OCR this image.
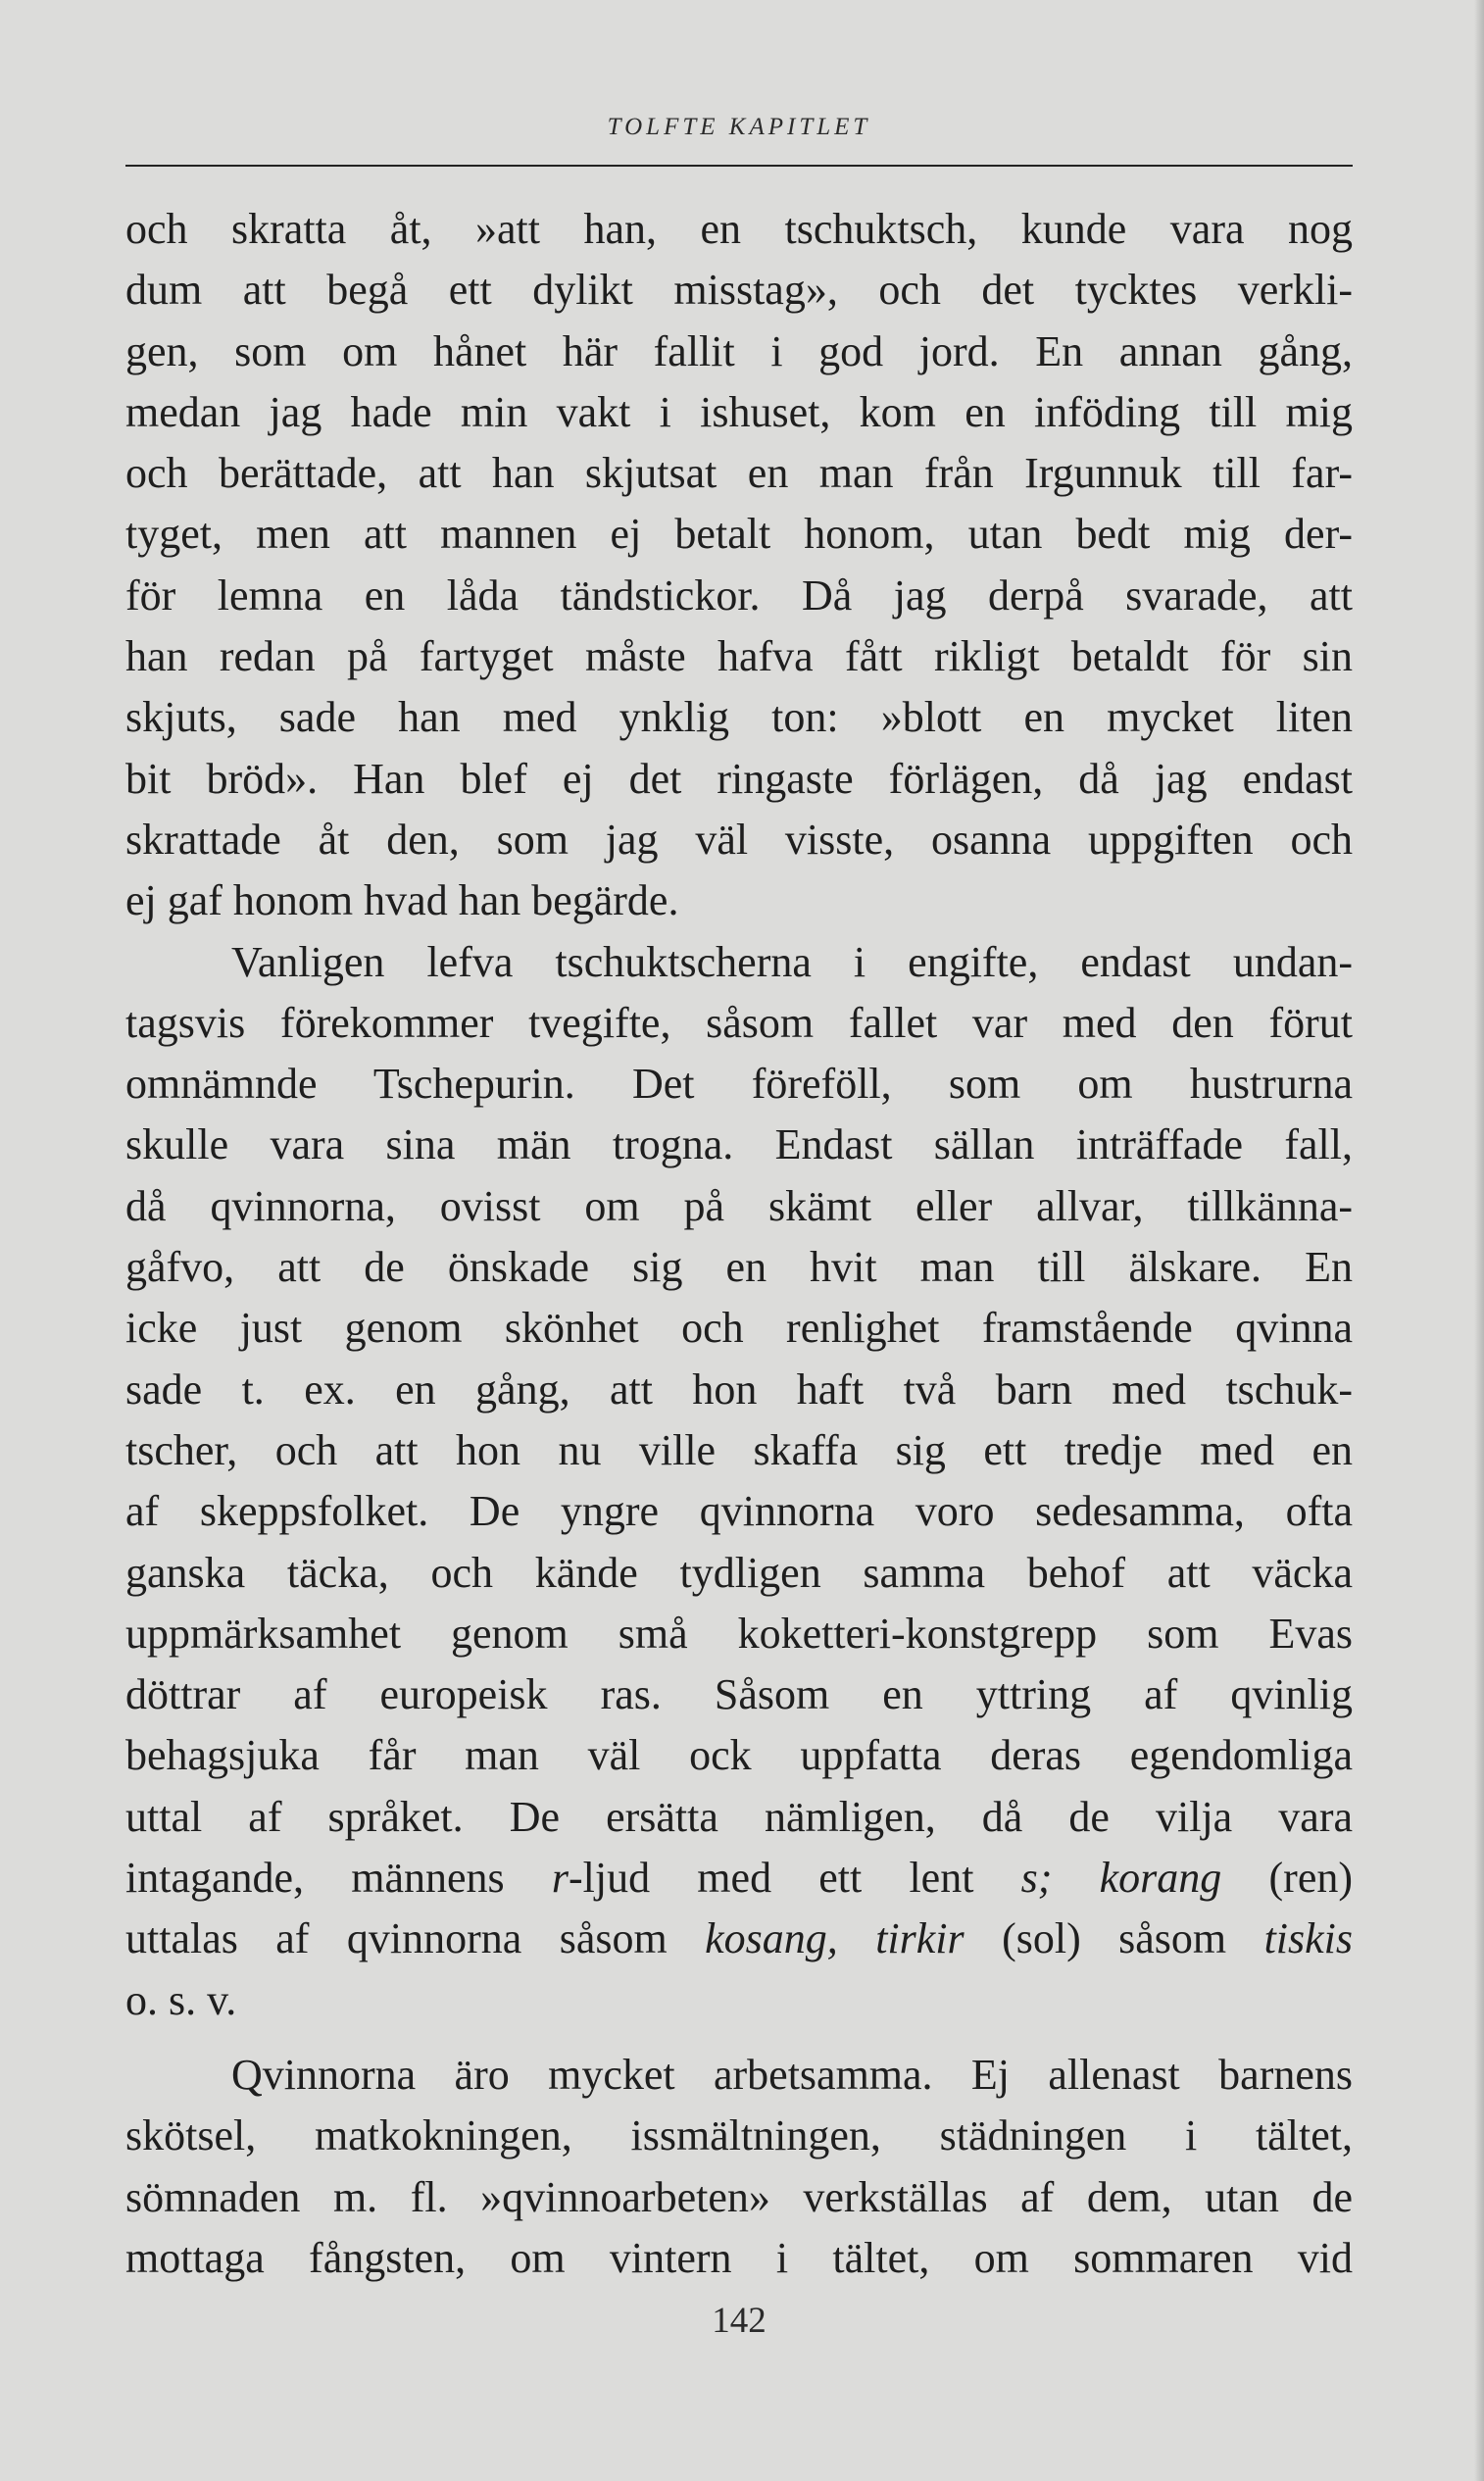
TOLFTE KAPITLET
och skratta åt, »att han, en tschuktsch, kunde vara nog
dum att begå ett dylikt misstag», och det tycktes verkli-
gen, som om hånet här fallit i god jord. En annan gång,
medan jag hade min vakt i ishuset, kom en inföding till mig
och berättade, att han skjutsat en man från Irgunnuk till far-
tyget, men att mannen ej betalt honom, utan bedt mig der-
för lemna en låda tändstickor. Då jag derpå svarade, att
han redan på fartyget måste hafva fått rikligt betaldt för sin
skjuts, sade han med ynklig ton: »blott en mycket liten
bit bröd». Han blef ej det ringaste förlägen, då jag endast
skrattade åt den, som jag väl visste, osanna uppgiften och
ej gaf honom hvad han begärde.
Vanligen lefva tschuktscherna i engifte, endast undan-
tagsvis förekommer tvegifte, såsom fallet var med den förut
omnämnde Tschepurin. Det föreföll, som om hustrurna
skulle vara sina män trogna. Endast sällan inträffade fall,
då qvinnorna, ovisst om på skämt eller allvar, tillkänna-
gåfvo, att de önskade sig en hvit man till älskare. En
icke just genom skönhet och renlighet framstående qvinna
sade t. ex. en gång, att hon haft två barn med tschuk-
tscher, och att hon nu ville skaffa sig ett tredje med en
af skeppsfolket. De yngre qvinnorna voro sedesamma, ofta
ganska täcka, och kände tydligen samma behof att väcka
uppmärksamhet genom små koketteri-konstgrepp som Evas
döttrar af europeisk ras. Såsom en yttring af qvinlig
behagsjuka får man väl ock uppfatta deras egendomliga
uttal af språket. De ersätta nämligen, då de vilja vara
intagande, männens r-ljud med ett lent s; korang (ren)
uttalas af qvinnorna såsom kosang, tirkir (sol) såsom tiskis
o. s. v.
Qvinnorna äro mycket arbetsamma. Ej allenast barnens
skötsel, matkokningen, issmältningen, städningen i tältet,
sömnaden m. fl. »qvinnoarbeten» verkställas af dem, utan de
mottaga fångsten, om vintern i tältet, om sommaren vid
142
